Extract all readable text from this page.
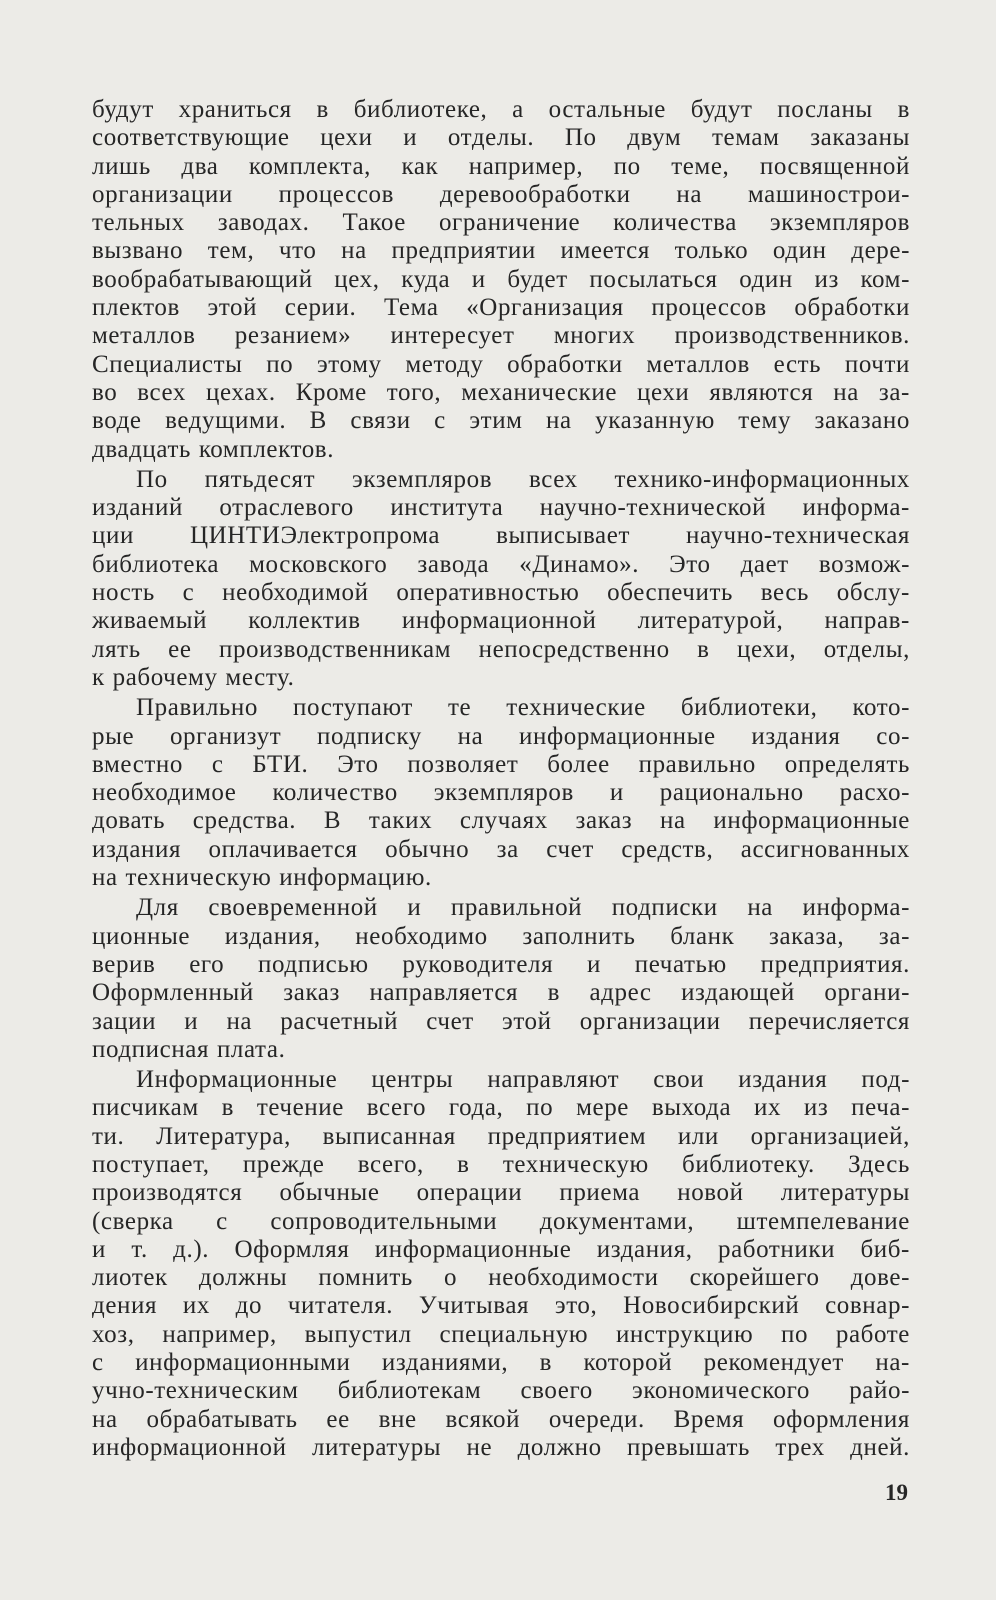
будут храниться в библиотеке, а остальные будут посланы в
соответствующие цехи и отделы. По двум темам заказаны
лишь два комплекта, как например, по теме, посвященной
организации процессов деревообработки на машинострои-
тельных заводах. Такое ограничение количества экземпляров
вызвано тем, что на предприятии имеется только один дере-
вообрабатывающий цех, куда и будет посылаться один из ком-
плектов этой серии. Тема «Организация процессов обработки
металлов резанием» интересует многих производственников.
Специалисты по этому методу обработки металлов есть почти
во всех цехах. Кроме того, механические цехи являются на за-
воде ведущими. В связи с этим на указанную тему заказано
двадцать комплектов.
По пятьдесят экземпляров всех технико-информационных
изданий отраслевого института научно-технической информа-
ции ЦИНТИЭлектропрома выписывает научно-техническая
библиотека московского завода «Динамо». Это дает возмож-
ность с необходимой оперативностью обеспечить весь обслу-
живаемый коллектив информационной литературой, направ-
лять ее производственникам непосредственно в цехи, отделы,
к рабочему месту.
Правильно поступают те технические библиотеки, кото-
рые организут подписку на информационные издания со-
вместно с БТИ. Это позволяет более правильно определять
необходимое количество экземпляров и рационально расхо-
довать средства. В таких случаях заказ на информационные
издания оплачивается обычно за счет средств, ассигнованных
на техническую информацию.
Для своевременной и правильной подписки на информа-
ционные издания, необходимо заполнить бланк заказа, за-
верив его подписью руководителя и печатью предприятия.
Оформленный заказ направляется в адрес издающей органи-
зации и на расчетный счет этой организации перечисляется
подписная плата.
Информационные центры направляют свои издания под-
писчикам в течение всего года, по мере выхода их из печа-
ти. Литература, выписанная предприятием или организацией,
поступает, прежде всего, в техническую библиотеку. Здесь
производятся обычные операции приема новой литературы
(сверка с сопроводительными документами, штемпелевание
и т. д.). Оформляя информационные издания, работники биб-
лиотек должны помнить о необходимости скорейшего дове-
дения их до читателя. Учитывая это, Новосибирский совнар-
хоз, например, выпустил специальную инструкцию по работе
с информационными изданиями, в которой рекомендует на-
учно-техническим библиотекам своего экономического райо-
на обрабатывать ее вне всякой очереди. Время оформления
информационной литературы не должно превышать трех дней.
19
